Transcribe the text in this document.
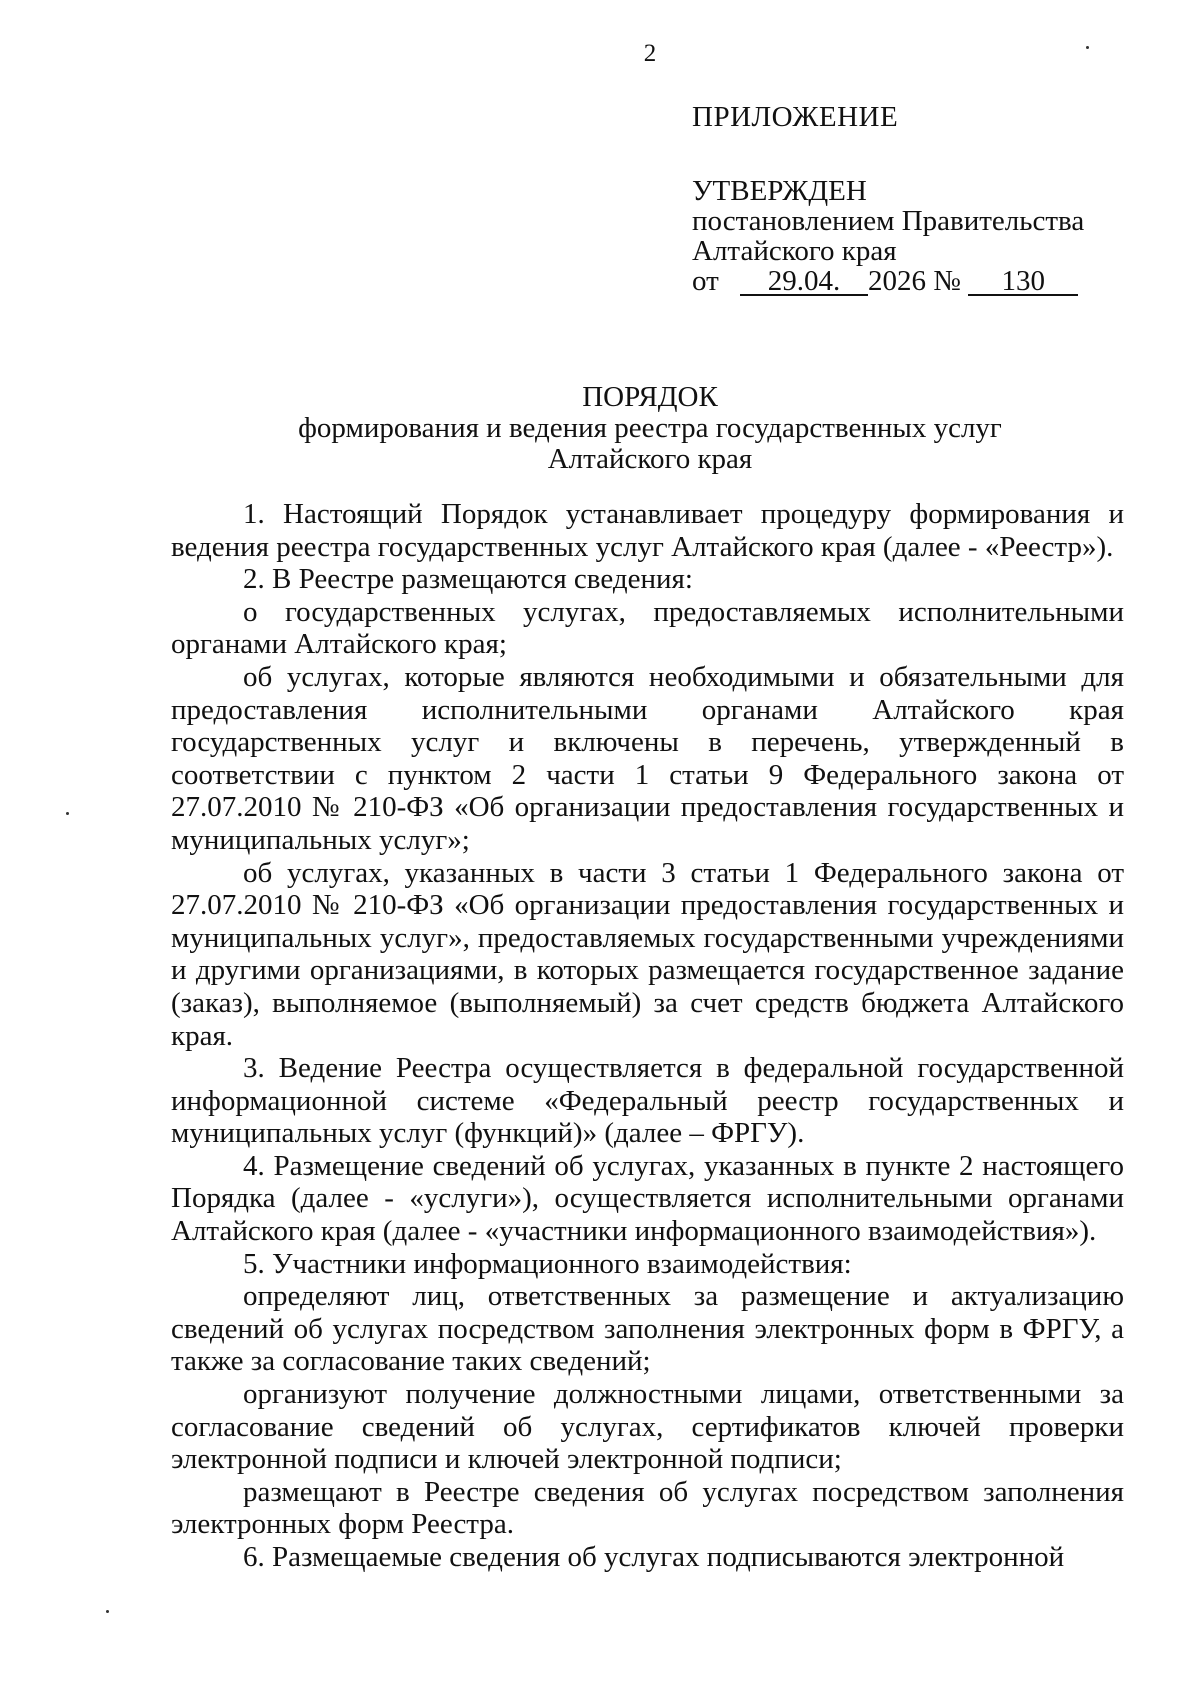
2
ПРИЛОЖЕНИЕ
УТВЕРЖДЕН
постановлением Правительства
Алтайского края
от 29.04. 2026 № 130
ПОРЯДОК
формирования и ведения реестра государственных услуг
Алтайского края

1. Настоящий Порядок устанавливает процедуру формирования и ведения реестра государственных услуг Алтайского края (далее - «Реестр»).

2. В Реестре размещаются сведения:

о государственных услугах, предоставляемых исполнительными органами Алтайского края;

об услугах, которые являются необходимыми и обязательными для предоставления исполнительными органами Алтайского края государственных услуг и включены в перечень, утвержденный в соответствии с пунктом 2 части 1 статьи 9 Федерального закона от 27.07.2010 № 210-ФЗ «Об организации предоставления государственных и муниципальных услуг»;

об услугах, указанных в части 3 статьи 1 Федерального закона от 27.07.2010 № 210-ФЗ «Об организации предоставления государственных и муниципальных услуг», предоставляемых государственными учреждениями и другими организациями, в которых размещается государственное задание (заказ), выполняемое (выполняемый) за счет средств бюджета Алтайского края.

3. Ведение Реестра осуществляется в федеральной государственной информационной системе «Федеральный реестр государственных и муниципальных услуг (функций)» (далее – ФРГУ).

4. Размещение сведений об услугах, указанных в пункте 2 настоящего Порядка (далее - «услуги»), осуществляется исполнительными органами Алтайского края (далее - «участники информационного взаимодействия»).

5. Участники информационного взаимодействия:

определяют лиц, ответственных за размещение и актуализацию сведений об услугах посредством заполнения электронных форм в ФРГУ, а также за согласование таких сведений;

организуют получение должностными лицами, ответственными за согласование сведений об услугах, сертификатов ключей проверки электронной подписи и ключей электронной подписи;

размещают в Реестре сведения об услугах посредством заполнения электронных форм Реестра.

6. Размещаемые сведения об услугах подписываются электронной
